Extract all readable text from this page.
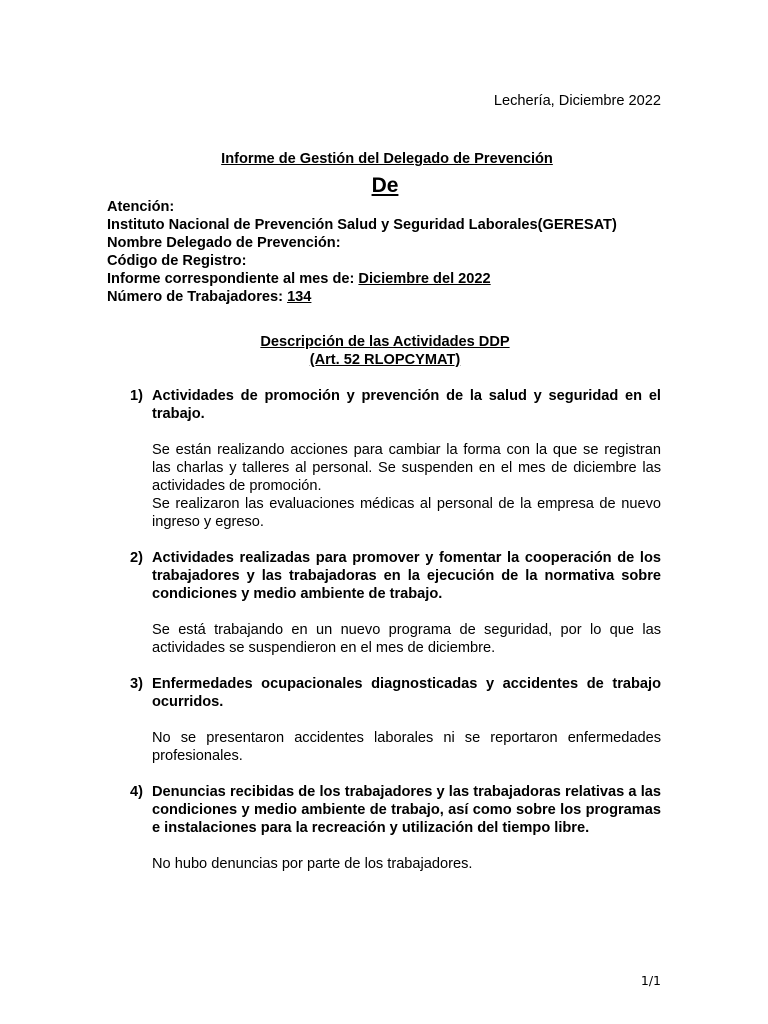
Lechería, Diciembre 2022
Informe de Gestión del Delegado de Prevención
De
Atención:
Instituto Nacional de Prevención Salud y Seguridad Laborales(GERESAT)
Nombre Delegado de Prevención:
Código de Registro:
Informe correspondiente al mes de: Diciembre del 2022
Número de Trabajadores: 134
Descripción de las Actividades DDP
(Art. 52 RLOPCYMAT)
1) Actividades de promoción y prevención de la salud y seguridad en el trabajo.

Se están realizando acciones para cambiar la forma con la que se registran las charlas y talleres al personal. Se suspenden en el mes de diciembre las actividades de promoción.

Se realizaron las evaluaciones médicas al personal de la empresa de nuevo ingreso y egreso.

2) Actividades realizadas para promover y fomentar la cooperación de los trabajadores y las trabajadoras en la ejecución de la normativa sobre condiciones y medio ambiente de trabajo.

Se está trabajando en un nuevo programa de seguridad, por lo que las actividades se suspendieron en el mes de diciembre.

3) Enfermedades ocupacionales diagnosticadas y accidentes de trabajo ocurridos.

No se presentaron accidentes laborales ni se reportaron enfermedades profesionales.

4) Denuncias recibidas de los trabajadores y las trabajadoras relativas a las condiciones y medio ambiente de trabajo, así como sobre los programas e instalaciones para la recreación y utilización del tiempo libre.

No hubo denuncias por parte de los trabajadores.

1/1
